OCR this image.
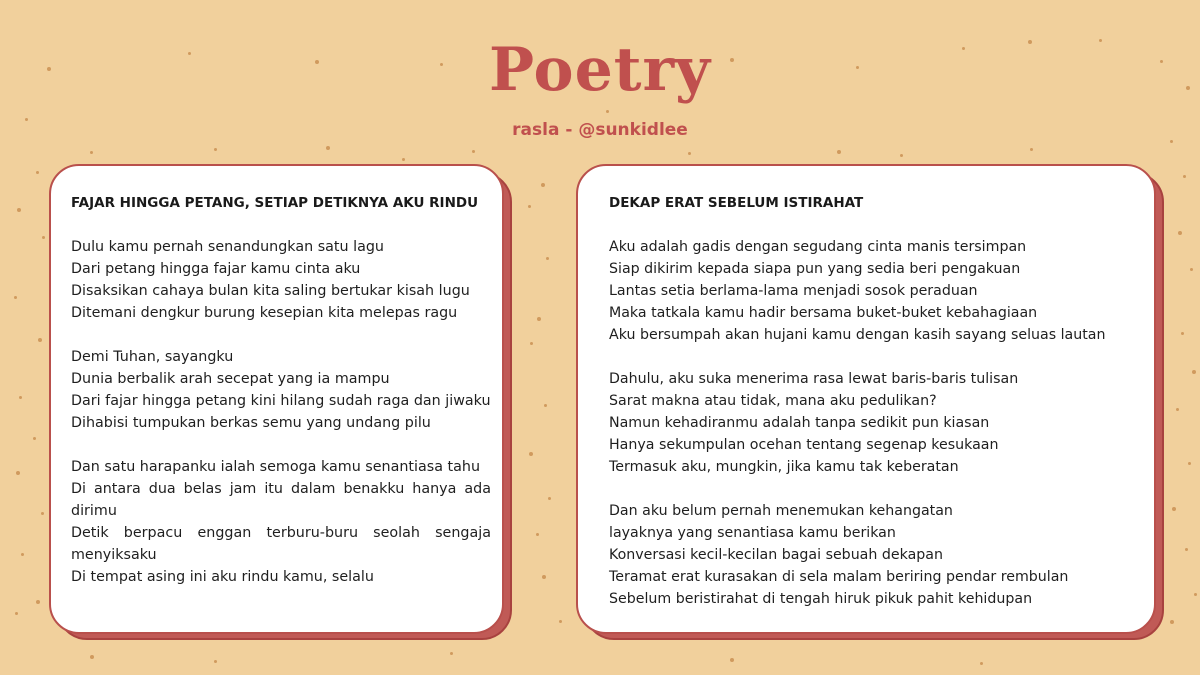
Poetry
rasla - @sunkidlee
FAJAR HINGGA PETANG, SETIAP DETIKNYA AKU RINDU
Dulu kamu pernah senandungkan satu lagu
Dari petang hingga fajar kamu cinta aku
Disaksikan cahaya bulan kita saling bertukar kisah lugu
Ditemani dengkur burung kesepian kita melepas ragu
Demi Tuhan, sayangku
Dunia berbalik arah secepat yang ia mampu
Dari fajar hingga petang kini hilang sudah raga dan jiwaku
Dihabisi tumpukan berkas semu yang undang pilu
Dan satu harapanku ialah semoga kamu senantiasa tahu
Di antara dua belas jam itu dalam benakku hanya ada dirimu
Detik berpacu enggan terburu-buru seolah sengaja menyiksaku
Di tempat asing ini aku rindu kamu, selalu
DEKAP ERAT SEBELUM ISTIRAHAT
Aku adalah gadis dengan segudang cinta manis tersimpan
Siap dikirim kepada siapa pun yang sedia beri pengakuan
Lantas setia berlama-lama menjadi sosok peraduan
Maka tatkala kamu hadir bersama buket-buket kebahagiaan
Aku bersumpah akan hujani kamu dengan kasih sayang seluas lautan
Dahulu, aku suka menerima rasa lewat baris-baris tulisan
Sarat makna atau tidak, mana aku pedulikan?
Namun kehadiranmu adalah tanpa sedikit pun kiasan
Hanya sekumpulan ocehan tentang segenap kesukaan
Termasuk aku, mungkin, jika kamu tak keberatan
Dan aku belum pernah menemukan kehangatan
layaknya yang senantiasa kamu berikan
Konversasi kecil-kecilan bagai sebuah dekapan
Teramat erat kurasakan di sela malam beriring pendar rembulan
Sebelum beristirahat di tengah hiruk pikuk pahit kehidupan
